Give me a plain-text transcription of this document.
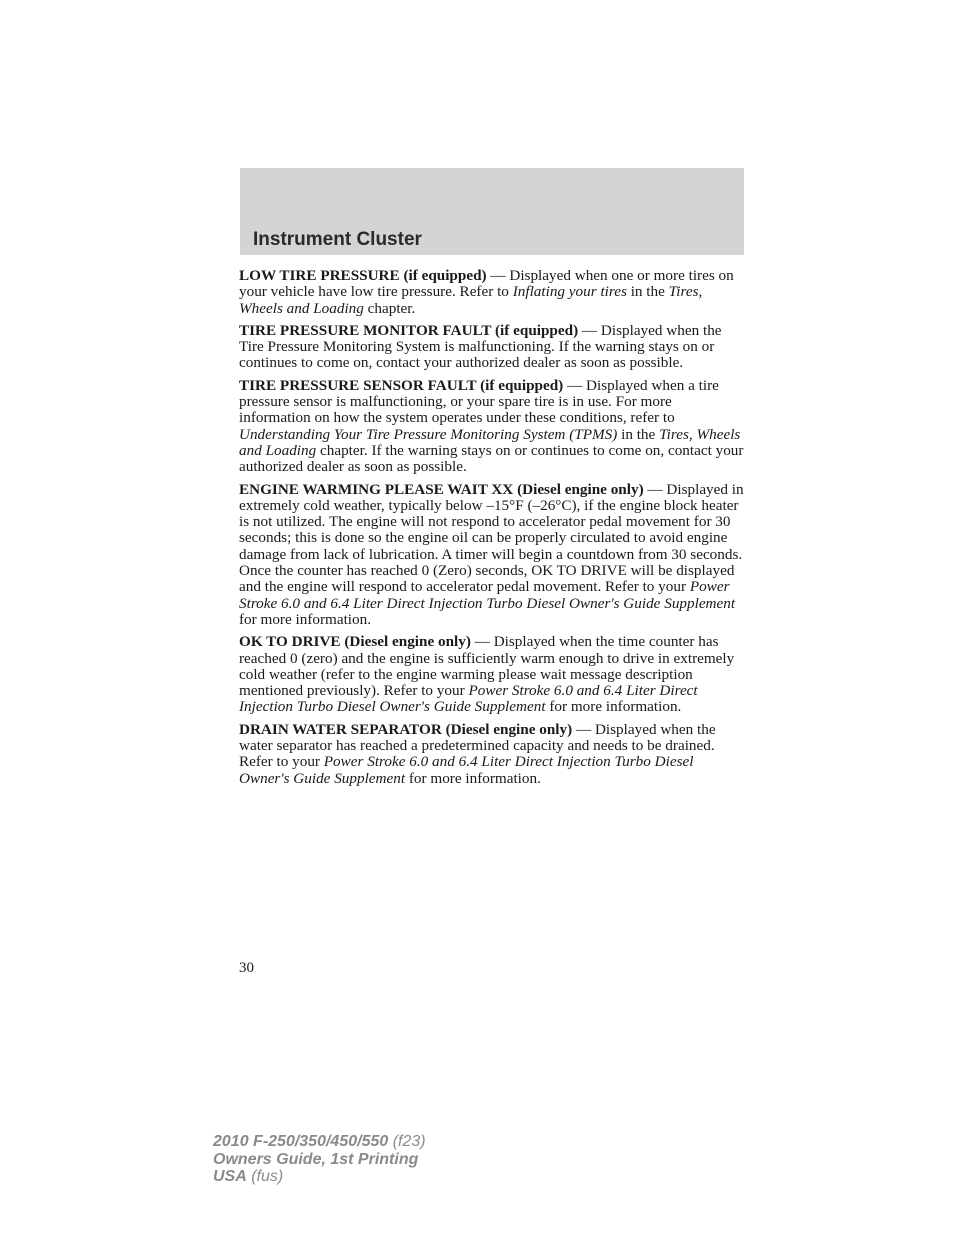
Instrument Cluster

LOW TIRE PRESSURE (if equipped) — Displayed when one or more tires on your vehicle have low tire pressure. Refer to Inflating your tires in the Tires, Wheels and Loading chapter.

TIRE PRESSURE MONITOR FAULT (if equipped) — Displayed when the Tire Pressure Monitoring System is malfunctioning. If the warning stays on or continues to come on, contact your authorized dealer as soon as possible.

TIRE PRESSURE SENSOR FAULT (if equipped) — Displayed when a tire pressure sensor is malfunctioning, or your spare tire is in use. For more information on how the system operates under these conditions, refer to Understanding Your Tire Pressure Monitoring System (TPMS) in the Tires, Wheels and Loading chapter. If the warning stays on or continues to come on, contact your authorized dealer as soon as possible.

ENGINE WARMING PLEASE WAIT XX (Diesel engine only) — Displayed in extremely cold weather, typically below –15°F (–26°C), if the engine block heater is not utilized. The engine will not respond to accelerator pedal movement for 30 seconds; this is done so the engine oil can be properly circulated to avoid engine damage from lack of lubrication. A timer will begin a countdown from 30 seconds. Once the counter has reached 0 (Zero) seconds, OK TO DRIVE will be displayed and the engine will respond to accelerator pedal movement. Refer to your Power Stroke 6.0 and 6.4 Liter Direct Injection Turbo Diesel Owner's Guide Supplement for more information.

OK TO DRIVE (Diesel engine only) — Displayed when the time counter has reached 0 (zero) and the engine is sufficiently warm enough to drive in extremely cold weather (refer to the engine warming please wait message description mentioned previously). Refer to your Power Stroke 6.0 and 6.4 Liter Direct Injection Turbo Diesel Owner's Guide Supplement for more information.

DRAIN WATER SEPARATOR (Diesel engine only) — Displayed when the water separator has reached a predetermined capacity and needs to be drained. Refer to your Power Stroke 6.0 and 6.4 Liter Direct Injection Turbo Diesel Owner's Guide Supplement for more information.

30
2010 F-250/350/450/550 (f23)
Owners Guide, 1st Printing
USA (fus)
